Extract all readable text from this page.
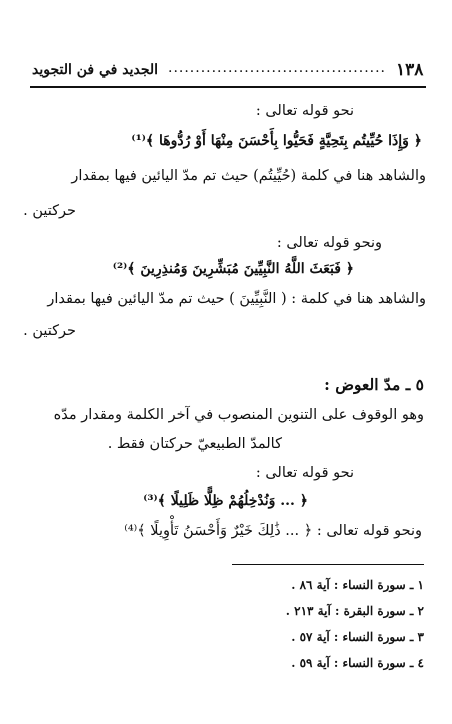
١٣٨

........................................

الجديد في فن التجويد

نحو قوله تعالى :

﴿ وَإِذَا حُيِّيتُم بِتَحِيَّةٍ فَحَيُّوا بِأَحْسَنَ مِنْهَا أَوْ رُدُّوهَا ﴾⁽¹⁾

والشاهد هنا في كلمة (حُيِّيتُم) حيث تم مدّ اليائين فيها بمقدار

حركتين .

ونحو قوله تعالى :

﴿ فَبَعَثَ اللَّهُ النَّبِيِّينَ مُبَشِّرِينَ وَمُنذِرِينَ ﴾⁽²⁾

والشاهد هنا في كلمة : ( النَّبِيِّينَ ) حيث تم مدّ اليائين فيها بمقدار

حركتين .

٥ ـ مدّ العوض :

وهو الوقوف على التنوين المنصوب في آخر الكلمة ومقدار مدّه

كالمدّ الطبيعيّ حركتان فقط .

نحو قوله تعالى :

﴿ ... وَنُدْخِلُهُمْ ظِلًّا ظَلِيلًا ﴾⁽³⁾

ونحو قوله تعالى : ﴿ ... ذَٰلِكَ خَيْرٌ وَأَحْسَنُ تَأْوِيلًا ﴾⁽⁴⁾

١ ـ سورة النساء : آية ٨٦ .

٢ ـ سورة البقرة : آية ٢١٣ .

٣ ـ سورة النساء : آية ٥٧ .

٤ ـ سورة النساء : آية ٥٩ .
